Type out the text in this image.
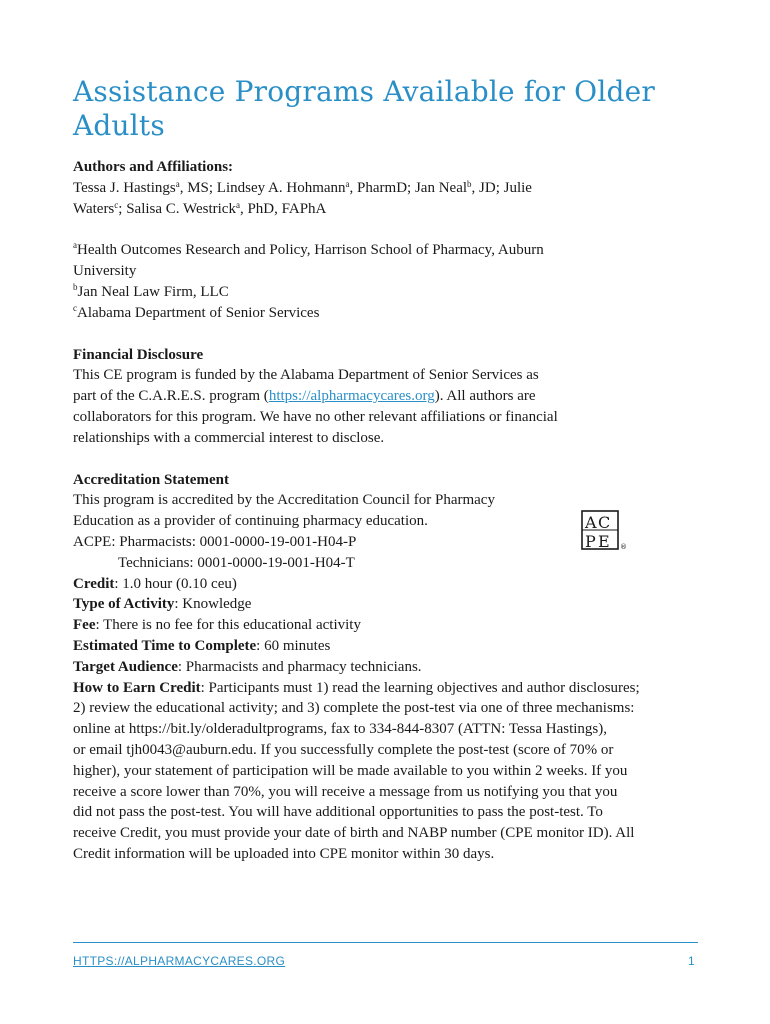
Assistance Programs Available for Older Adults

Authors and Affiliations:

Tessa J. Hastings$^a$, MS; Lindsey A. Hohmann$^a$, PharmD; Jan Neal$^b$, JD; Julie

Waters$^c$; Salisa C. Westrick$^a$, PhD, FAPhA

$^a$Health Outcomes Research and Policy, Harrison School of Pharmacy, Auburn

University

$^b$Jan Neal Law Firm, LLC

$^c$Alabama Department of Senior Services

Financial Disclosure

This CE program is funded by the Alabama Department of Senior Services as

part of the C.A.R.E.S. program (https://alpharmacycares.org). All authors are

collaborators for this program. We have no other relevant affiliations or financial

relationships with a commercial interest to disclose.

Accreditation Statement

This program is accredited by the Accreditation Council for Pharmacy

Education as a provider of continuing pharmacy education.

ACPE: Pharmacists: 0001-0000-19-001-H04-P

Technicians: 0001-0000-19-001-H04-T

Credit: 1.0 hour (0.10 ceu)

Type of Activity: Knowledge

Fee: There is no fee for this educational activity

Estimated Time to Complete: 60 minutes

Target Audience: Pharmacists and pharmacy technicians.

How to Earn Credit: Participants must 1) read the learning objectives and author disclosures;

2) review the educational activity; and 3) complete the post-test via one of three mechanisms:

online at https://bit.ly/olderadultprograms, fax to 334-844-8307 (ATTN: Tessa Hastings),

or email tjh0043@auburn.edu. If you successfully complete the post-test (score of 70% or

higher), your statement of participation will be made available to you within 2 weeks. If you

receive a score lower than 70%, you will receive a message from us notifying you that you

did not pass the post-test. You will have additional opportunities to pass the post-test. To

receive Credit, you must provide your date of birth and NABP number (CPE monitor ID). All

Credit information will be uploaded into CPE monitor within 30 days.

A C
P E ®
HTTPS://ALPHARMACYCARES.ORG	1
